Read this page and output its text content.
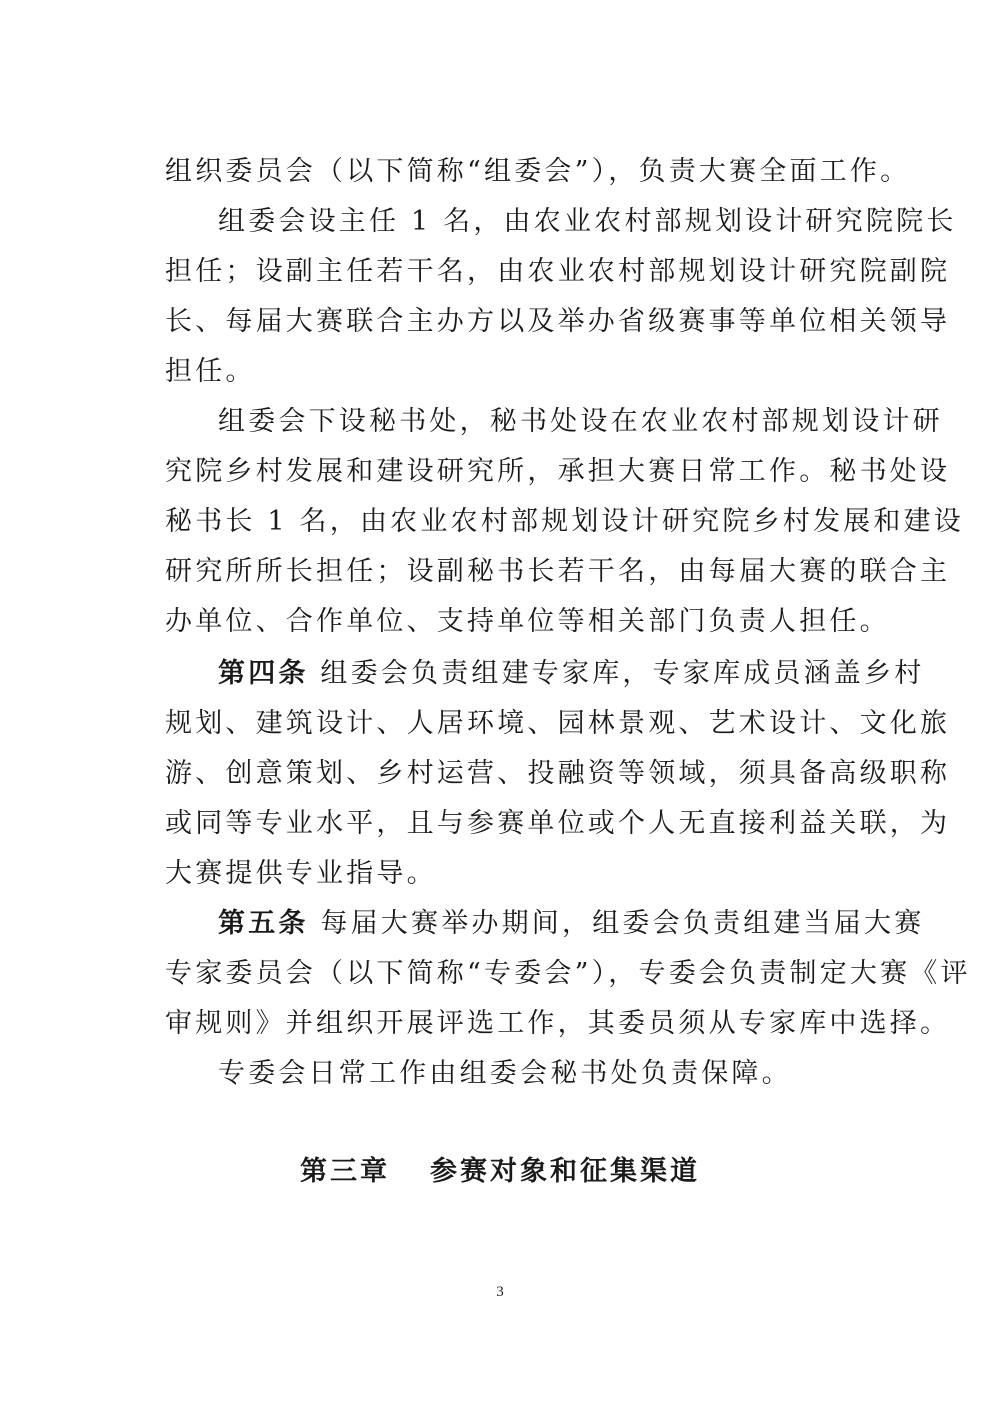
组织委员会（以下简称“组委会”），负责大赛全面工作。
组委会设主任 1 名，由农业农村部规划设计研究院院长
担任；设副主任若干名，由农业农村部规划设计研究院副院
长、每届大赛联合主办方以及举办省级赛事等单位相关领导
担任。
组委会下设秘书处，秘书处设在农业农村部规划设计研
究院乡村发展和建设研究所，承担大赛日常工作。秘书处设
秘书长 1 名，由农业农村部规划设计研究院乡村发展和建设
研究所所长担任；设副秘书长若干名，由每届大赛的联合主
办单位、合作单位、支持单位等相关部门负责人担任。
第四条 组委会负责组建专家库，专家库成员涵盖乡村
规划、建筑设计、人居环境、园林景观、艺术设计、文化旅
游、创意策划、乡村运营、投融资等领域，须具备高级职称
或同等专业水平，且与参赛单位或个人无直接利益关联，为
大赛提供专业指导。
第五条 每届大赛举办期间，组委会负责组建当届大赛
专家委员会（以下简称“专委会”），专委会负责制定大赛《评
审规则》并组织开展评选工作，其委员须从专家库中选择。
专委会日常工作由组委会秘书处负责保障。
第三章 参赛对象和征集渠道
3
